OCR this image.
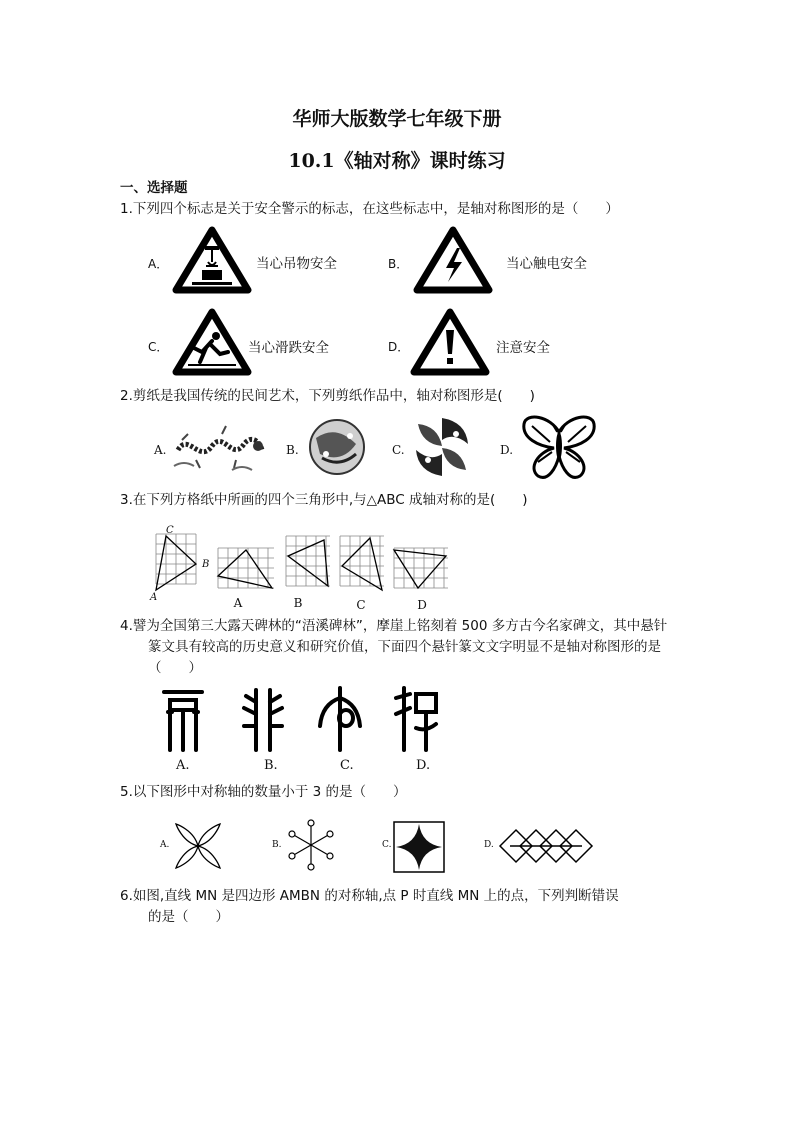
华师大版数学七年级下册
10.1《轴对称》课时练习
一、选择题
1.下列四个标志是关于安全警示的标志，在这些标志中，是轴对称图形的是（　　）
A．	当心吊物安全	B．	当心触电安全
C．	当心滑跌安全	D．	注意安全
2.剪纸是我国传统的民间艺术，下列剪纸作品中，轴对称图形是(　　)
A.	B.	C.	D.
3.在下列方格纸中所画的四个三角形中,与△ABC 成轴对称的是(　　)
C
B
A	A	B	C	D
4.譬为全国第三大露天碑林的“浯溪碑林”，摩崖上铭刻着 500 多方古今名家碑文，其中悬针
篆文具有较高的历史意义和研究价值，下面四个悬针篆文文字明显不是轴对称图形的是
（　　）
A.	B.	C.	D.
5.以下图形中对称轴的数量小于 3 的是（　　）
A.	B.	C.	D.
6.如图,直线 MN 是四边形 AMBN 的对称轴,点 P 时直线 MN 上的点，下列判断错误
的是（　　）
